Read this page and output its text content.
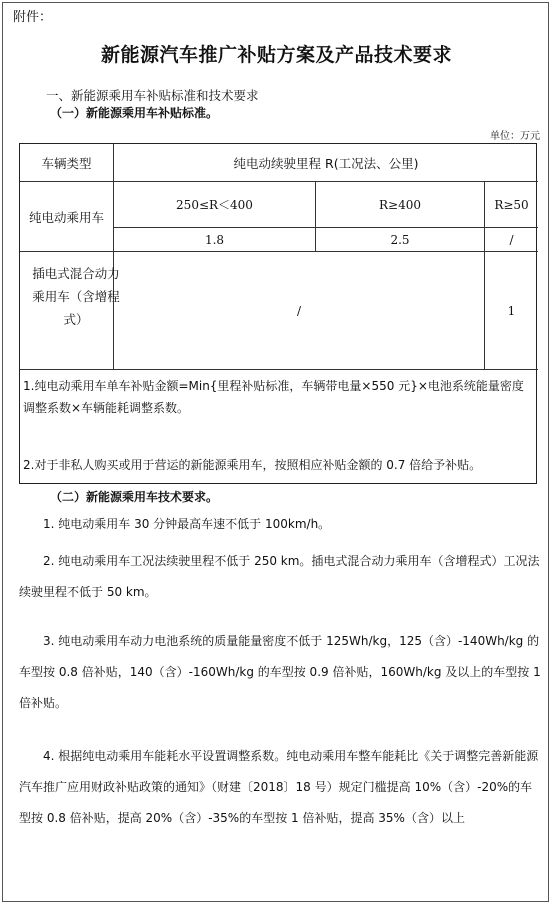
附件：
新能源汽车推广补贴方案及产品技术要求
一、新能源乘用车补贴标准和技术要求
（一）新能源乘用车补贴标准。
单位：万元
车辆类型	纯电动续驶里程 R(工况法、公里)
纯电动乘用车
250≤R＜400	R≥400	R≥50
1.8	2.5	/
插电式混合动力乘用车（含增程式）
/	1
1.纯电动乘用车单车补贴金额=Min{里程补贴标准，车辆带电量×550 元}×电池系统能量密度调整系数×车辆能耗调整系数。
2.对于非私人购买或用于营运的新能源乘用车，按照相应补贴金额的 0.7 倍给予补贴。
（二）新能源乘用车技术要求。
1. 纯电动乘用车 30 分钟最高车速不低于 100km/h。
2. 纯电动乘用车工况法续驶里程不低于 250 km。插电式混合动力乘用车（含增程式）工况法续驶里程不低于 50 km。
3. 纯电动乘用车动力电池系统的质量能量密度不低于 125Wh/kg，125（含）-140Wh/kg 的车型按 0.8 倍补贴，140（含）-160Wh/kg 的车型按 0.9 倍补贴，160Wh/kg 及以上的车型按 1 倍补贴。
4. 根据纯电动乘用车能耗水平设置调整系数。纯电动乘用车整车能耗比《关于调整完善新能源汽车推广应用财政补贴政策的通知》（财建〔2018〕18 号）规定门槛提高 10%（含）-20%的车型按 0.8 倍补贴，提高 20%（含）-35%的车型按 1 倍补贴，提高 35%（含）以上
